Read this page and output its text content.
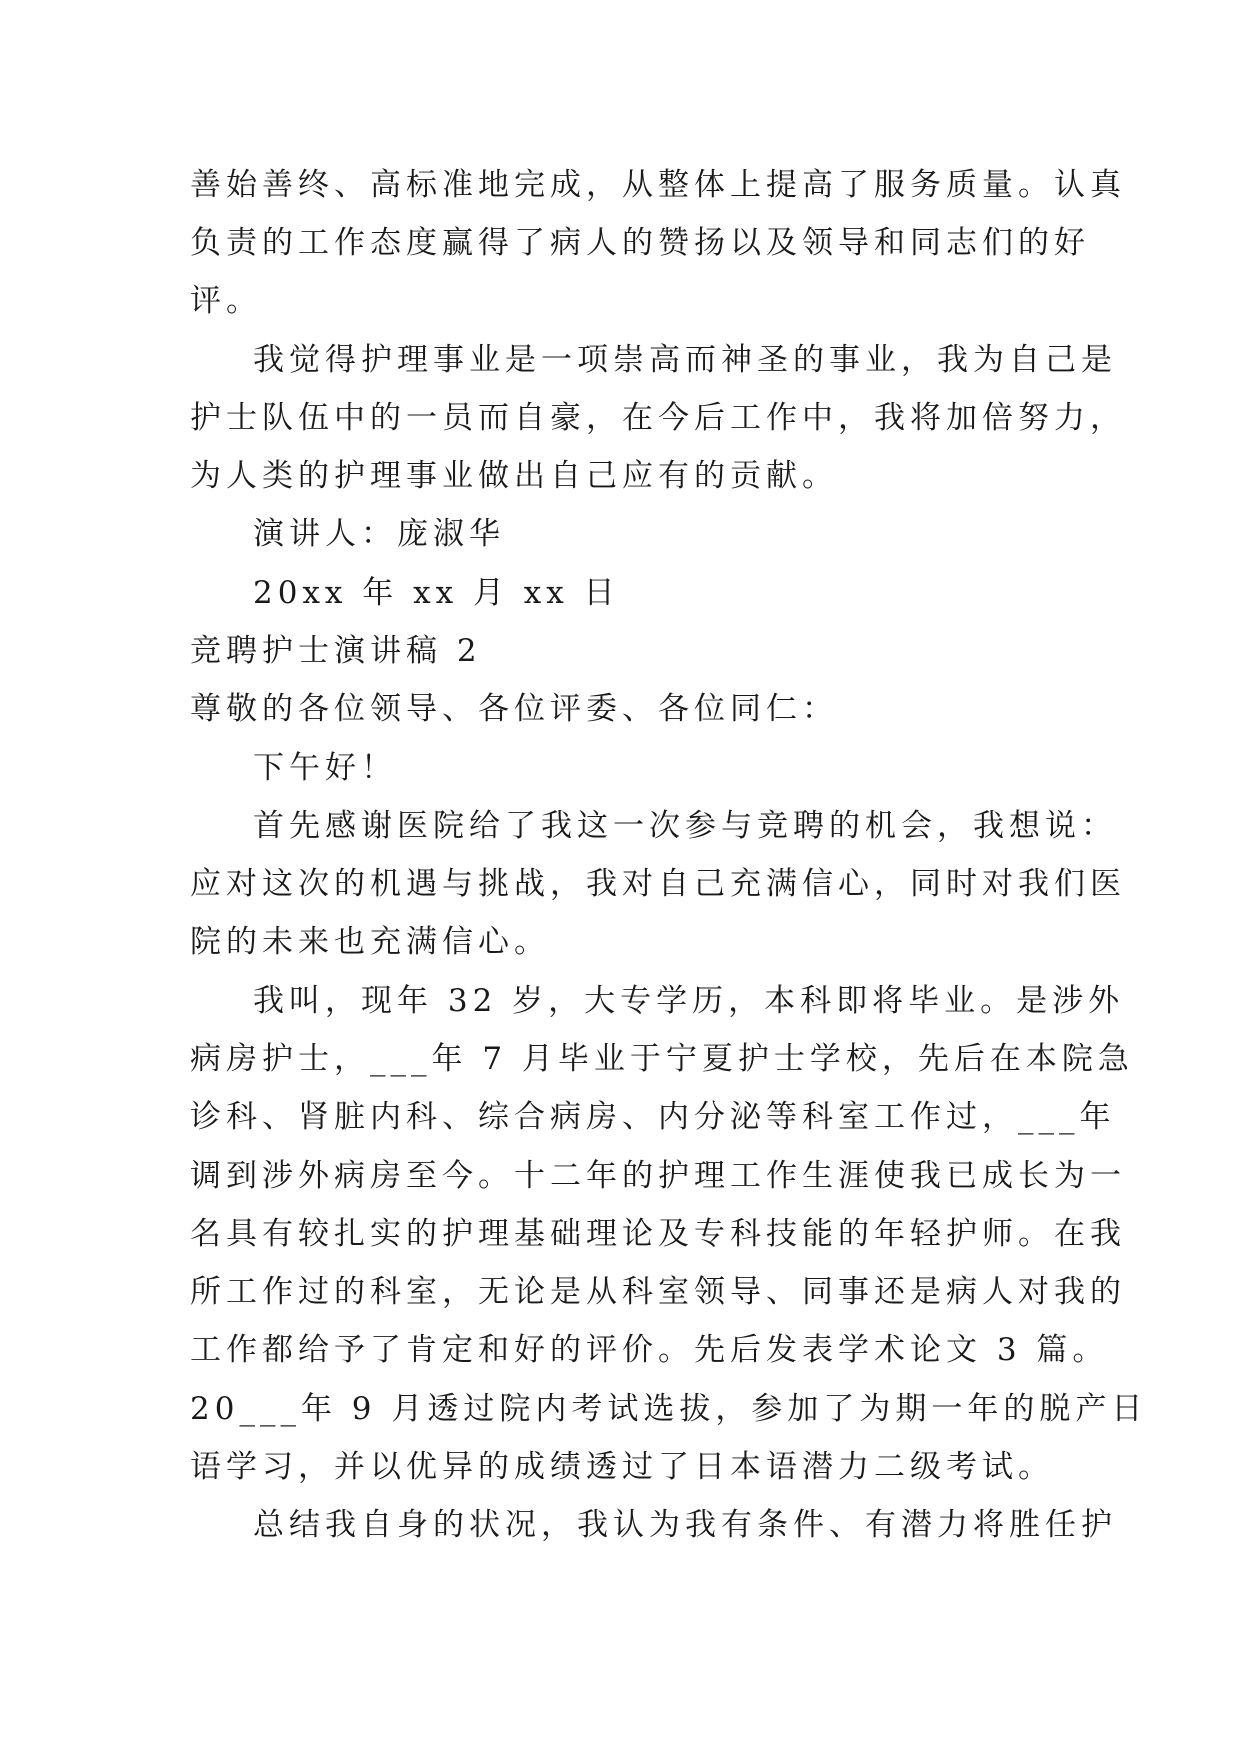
善始善终、高标准地完成，从整体上提高了服务质量。认真
负责的工作态度赢得了病人的赞扬以及领导和同志们的好
评。
我觉得护理事业是一项崇高而神圣的事业，我为自己是
护士队伍中的一员而自豪，在今后工作中，我将加倍努力，
为人类的护理事业做出自己应有的贡献。
演讲人：庞淑华
20xx 年 xx 月 xx 日
竞聘护士演讲稿 2
尊敬的各位领导、各位评委、各位同仁：
下午好！
首先感谢医院给了我这一次参与竞聘的机会，我想说：
应对这次的机遇与挑战，我对自己充满信心，同时对我们医
院的未来也充满信心。
我叫，现年 32 岁，大专学历，本科即将毕业。是涉外
病房护士，___年 7 月毕业于宁夏护士学校，先后在本院急
诊科、肾脏内科、综合病房、内分泌等科室工作过，___年
调到涉外病房至今。十二年的护理工作生涯使我已成长为一
名具有较扎实的护理基础理论及专科技能的年轻护师。在我
所工作过的科室，无论是从科室领导、同事还是病人对我的
工作都给予了肯定和好的评价。先后发表学术论文 3 篇。
20___年 9 月透过院内考试选拔，参加了为期一年的脱产日
语学习，并以优异的成绩透过了日本语潜力二级考试。
总结我自身的状况，我认为我有条件、有潜力将胜任护
